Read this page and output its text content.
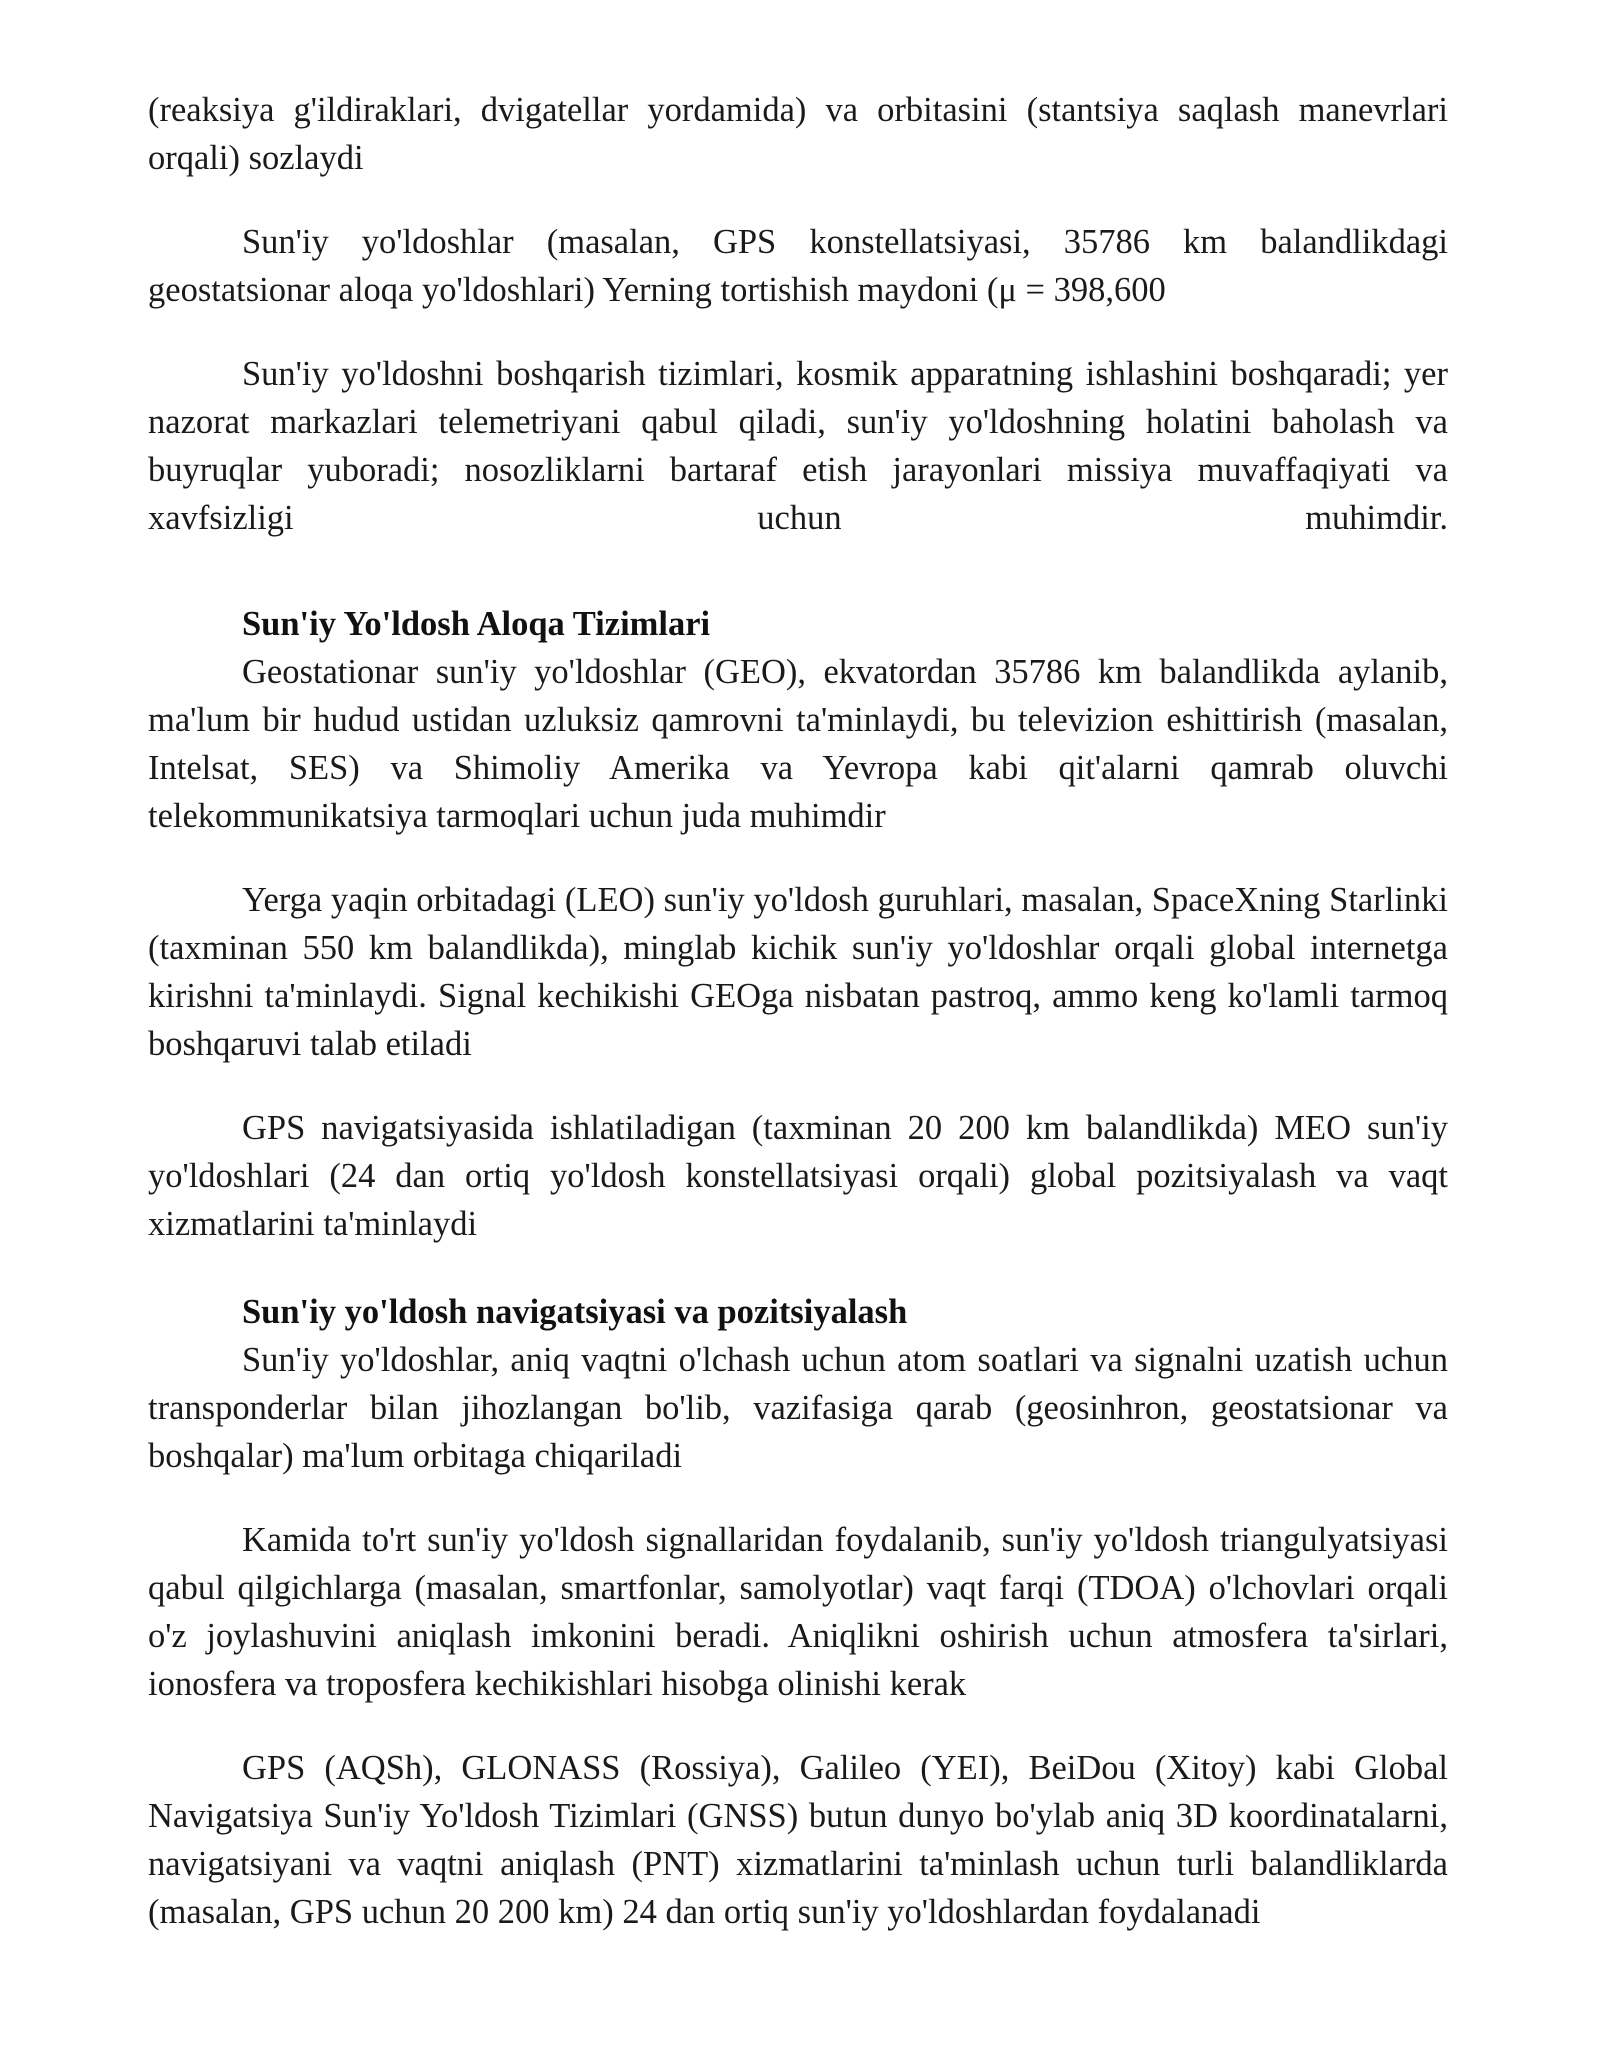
(reaksiya g'ildiraklari, dvigatellar yordamida) va orbitasini (stantsiya saqlash manevrlari orqali) sozlaydi

Sun'iy yo'ldoshlar (masalan, GPS konstellatsiyasi, 35786 km balandlikdagi geostatsionar aloqa yo'ldoshlari) Yerning tortishish maydoni (μ = 398,600

Sun'iy yo'ldoshni boshqarish tizimlari, kosmik apparatning ishlashini boshqaradi; yer nazorat markazlari telemetriyani qabul qiladi, sun'iy yo'ldoshning holatini baholash va buyruqlar yuboradi; nosozliklarni bartaraf etish jarayonlari missiya muvaffaqiyati va xavfsizligi uchun muhimdir.

Sun'iy Yo'ldosh Aloqa Tizimlari

Geostationar sun'iy yo'ldoshlar (GEO), ekvatordan 35786 km balandlikda aylanib, ma'lum bir hudud ustidan uzluksiz qamrovni ta'minlaydi, bu televizion eshittirish (masalan, Intelsat, SES) va Shimoliy Amerika va Yevropa kabi qit'alarni qamrab oluvchi telekommunikatsiya tarmoqlari uchun juda muhimdir

Yerga yaqin orbitadagi (LEO) sun'iy yo'ldosh guruhlari, masalan, SpaceXning Starlinki (taxminan 550 km balandlikda), minglab kichik sun'iy yo'ldoshlar orqali global internetga kirishni ta'minlaydi. Signal kechikishi GEOga nisbatan pastroq, ammo keng ko'lamli tarmoq boshqaruvi talab etiladi

GPS navigatsiyasida ishlatiladigan (taxminan 20 200 km balandlikda) MEO sun'iy yo'ldoshlari (24 dan ortiq yo'ldosh konstellatsiyasi orqali) global pozitsiyalash va vaqt xizmatlarini ta'minlaydi

Sun'iy yo'ldosh navigatsiyasi va pozitsiyalash

Sun'iy yo'ldoshlar, aniq vaqtni o'lchash uchun atom soatlari va signalni uzatish uchun transponderlar bilan jihozlangan bo'lib, vazifasiga qarab (geosinhron, geostatsionar va boshqalar) ma'lum orbitaga chiqariladi

Kamida to'rt sun'iy yo'ldosh signallaridan foydalanib, sun'iy yo'ldosh triangulyatsiyasi qabul qilgichlarga (masalan, smartfonlar, samolyotlar) vaqt farqi (TDOA) o'lchovlari orqali o'z joylashuvini aniqlash imkonini beradi. Aniqlikni oshirish uchun atmosfera ta'sirlari, ionosfera va troposfera kechikishlari hisobga olinishi kerak

GPS (AQSh), GLONASS (Rossiya), Galileo (YEI), BeiDou (Xitoy) kabi Global Navigatsiya Sun'iy Yo'ldosh Tizimlari (GNSS) butun dunyo bo'ylab aniq 3D koordinatalarni, navigatsiyani va vaqtni aniqlash (PNT) xizmatlarini ta'minlash uchun turli balandliklarda (masalan, GPS uchun 20 200 km) 24 dan ortiq sun'iy yo'ldoshlardan foydalanadi
